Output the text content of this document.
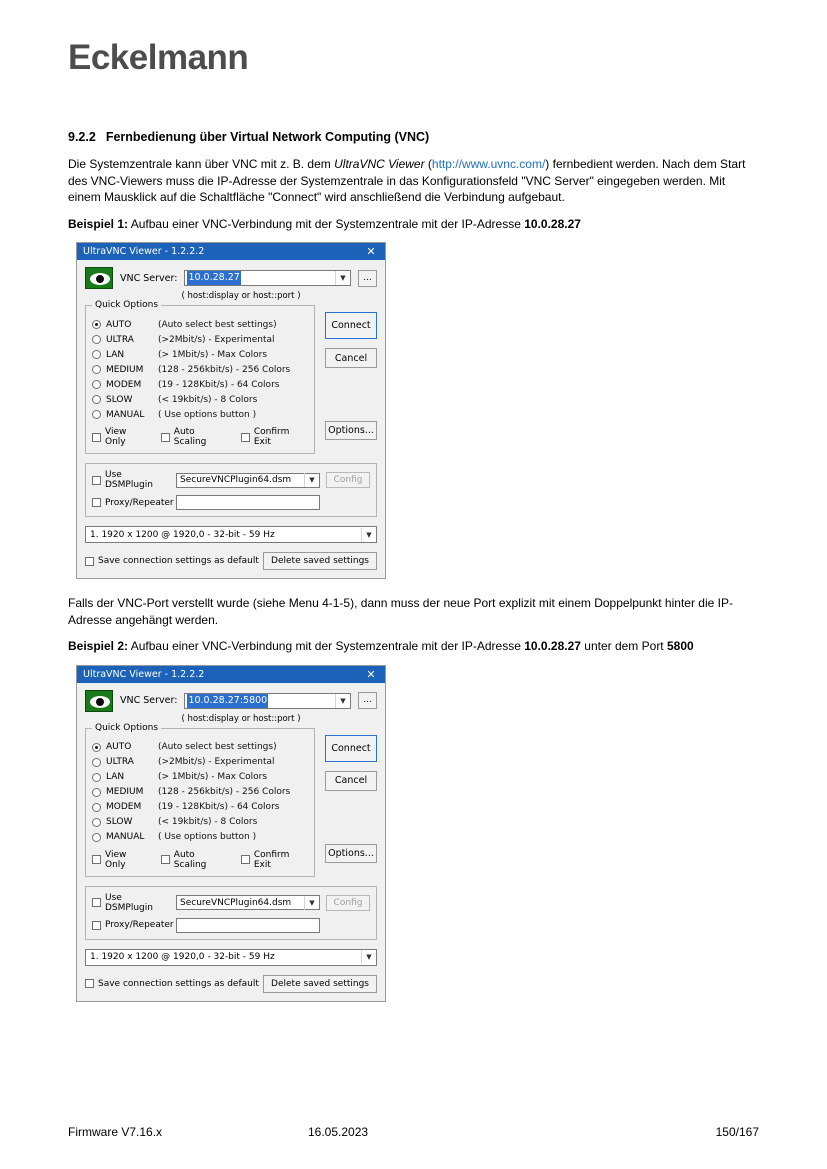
Eckelmann
9.2.2 Fernbedienung über Virtual Network Computing (VNC)

Die Systemzentrale kann über VNC mit z. B. dem UltraVNC Viewer (http://www.uvnc.com/) fernbedient werden. Nach dem Start des VNC-Viewers muss die IP-Adresse der Systemzentrale in das Konfigurationsfeld "VNC Server" eingegeben werden. Mit einem Mausklick auf die Schaltfläche "Connect" wird anschließend die Verbindung aufgebaut.

Beispiel 1: Aufbau einer VNC-Verbindung mit der Systemzentrale mit der IP-Adresse 10.0.28.27

UltraVNC Viewer - 1.2.2.2	✕
VNC Server: 10.0.28.27	▼	...
( host:display or host::port )
Quick Options
AUTO	(Auto select best settings)
ULTRA	(>2Mbit/s) - Experimental
LAN	(> 1Mbit/s) - Max Colors
MEDIUM	(128 - 256kbit/s) - 256 Colors
MODEM	(19 - 128Kbit/s) - 64 Colors
SLOW	(< 19kbit/s) - 8 Colors
MANUAL	( Use options button )
View Only
Auto Scaling
Confirm Exit
Connect
Cancel
Options...
Use DSMPlugin	SecureVNCPlugin64.dsm	▼	Config
Proxy/Repeater
1. 1920 x 1200 @ 1920,0 - 32-bit - 59 Hz	▼
Save connection settings as default	Delete saved settings

Falls der VNC-Port verstellt wurde (siehe Menu 4-1-5), dann muss der neue Port explizit mit einem Doppelpunkt hinter die IP-Adresse angehängt werden.

Beispiel 2: Aufbau einer VNC-Verbindung mit der Systemzentrale mit der IP-Adresse 10.0.28.27 unter dem Port 5800

UltraVNC Viewer - 1.2.2.2	✕
VNC Server: 10.0.28.27:5800	▼	...
( host:display or host::port )
Quick Options
AUTO	(Auto select best settings)
ULTRA	(>2Mbit/s) - Experimental
LAN	(> 1Mbit/s) - Max Colors
MEDIUM	(128 - 256kbit/s) - 256 Colors
MODEM	(19 - 128Kbit/s) - 64 Colors
SLOW	(< 19kbit/s) - 8 Colors
MANUAL	( Use options button )
View Only
Auto Scaling
Confirm Exit
Connect
Cancel
Options...
Use DSMPlugin	SecureVNCPlugin64.dsm	▼	Config
Proxy/Repeater
1. 1920 x 1200 @ 1920,0 - 32-bit - 59 Hz	▼
Save connection settings as default	Delete saved settings
Firmware V7.16.x	16.05.2023	150/167
